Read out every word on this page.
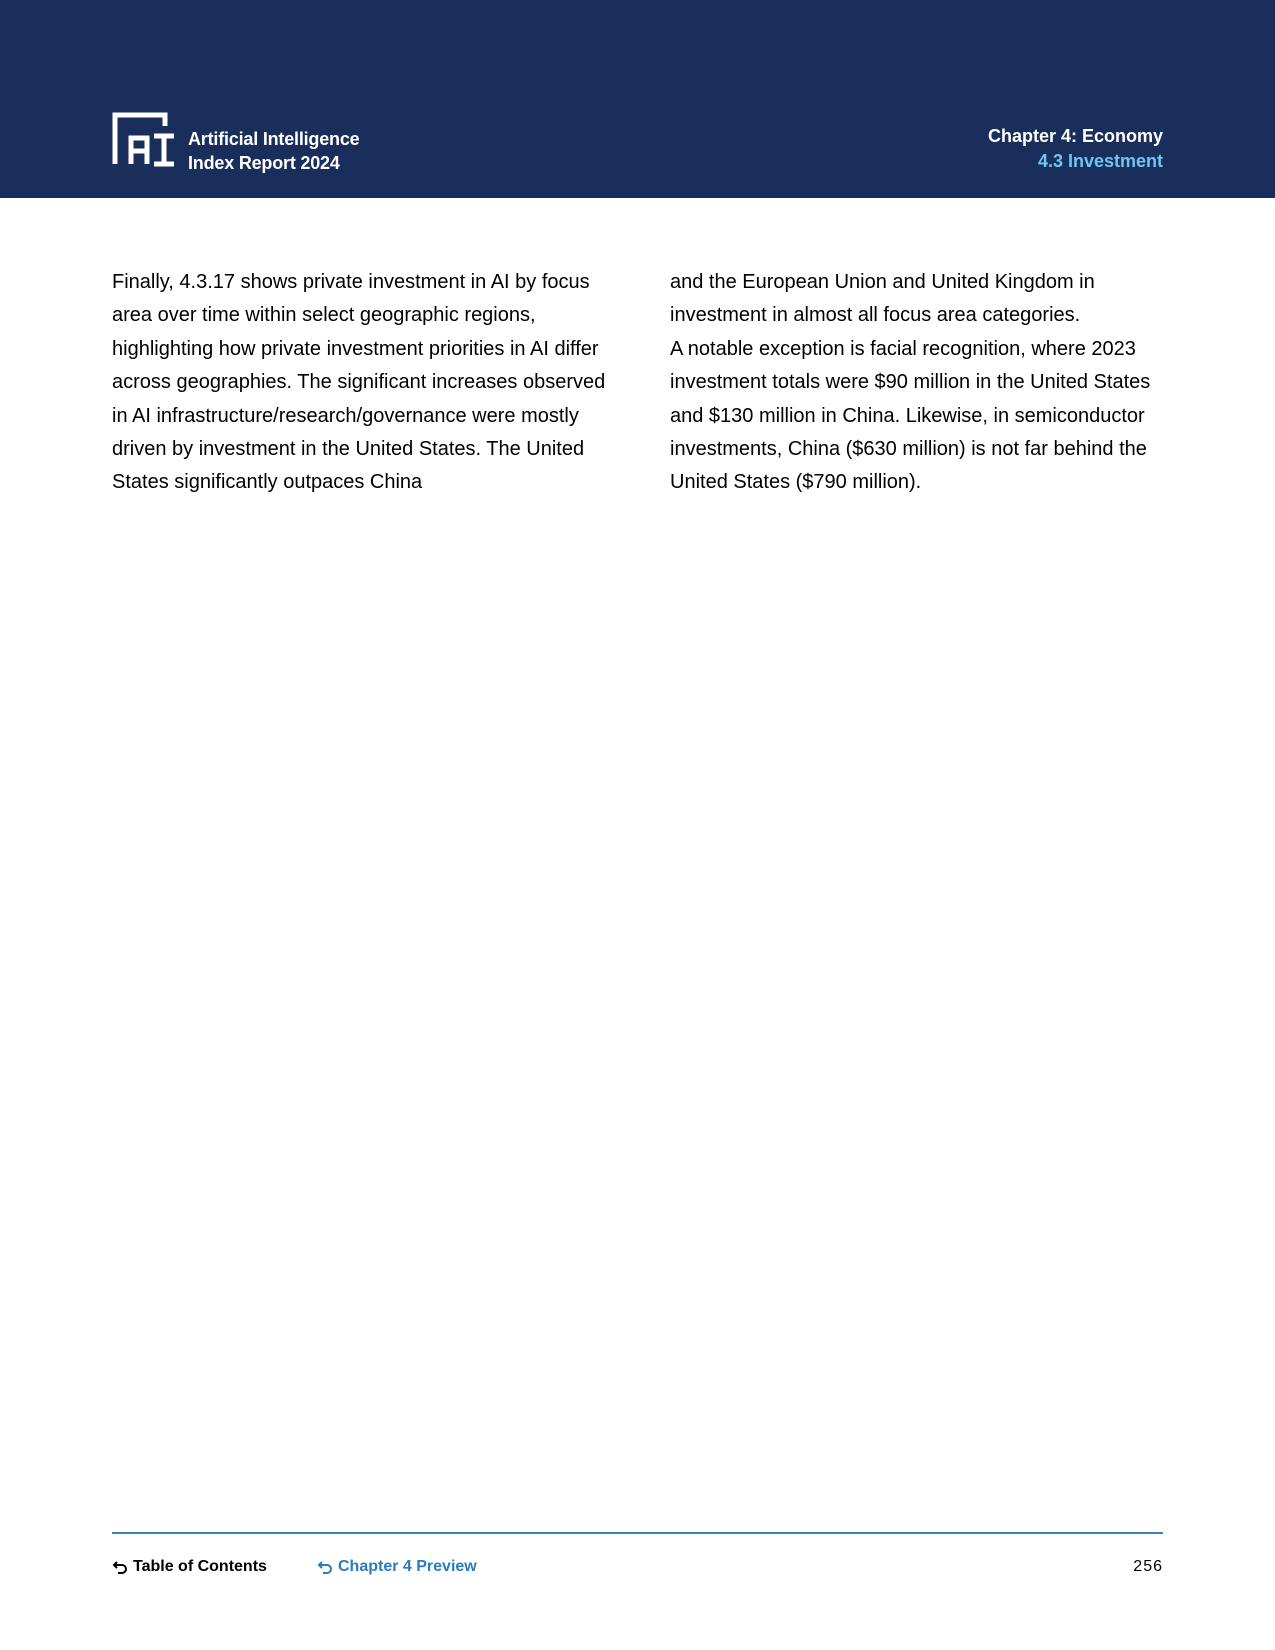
Artificial Intelligence
Index Report 2024
Chapter 4: Economy
4.3 Investment

Finally, 4.3.17 shows private investment in AI by focus area over time within select geographic regions, highlighting how private investment priorities in AI differ across geographies. The significant increases observed in AI infrastructure/research/governance were mostly driven by investment in the United States. The United States significantly outpaces China

and the European Union and United Kingdom in investment in almost all focus area categories.

A notable exception is facial recognition, where 2023 investment totals were $90 million in the United States and $130 million in China. Likewise, in semiconductor investments, China ($630 million) is not far behind the United States ($790 million).

Table of Contents	Chapter 4 Preview	256
